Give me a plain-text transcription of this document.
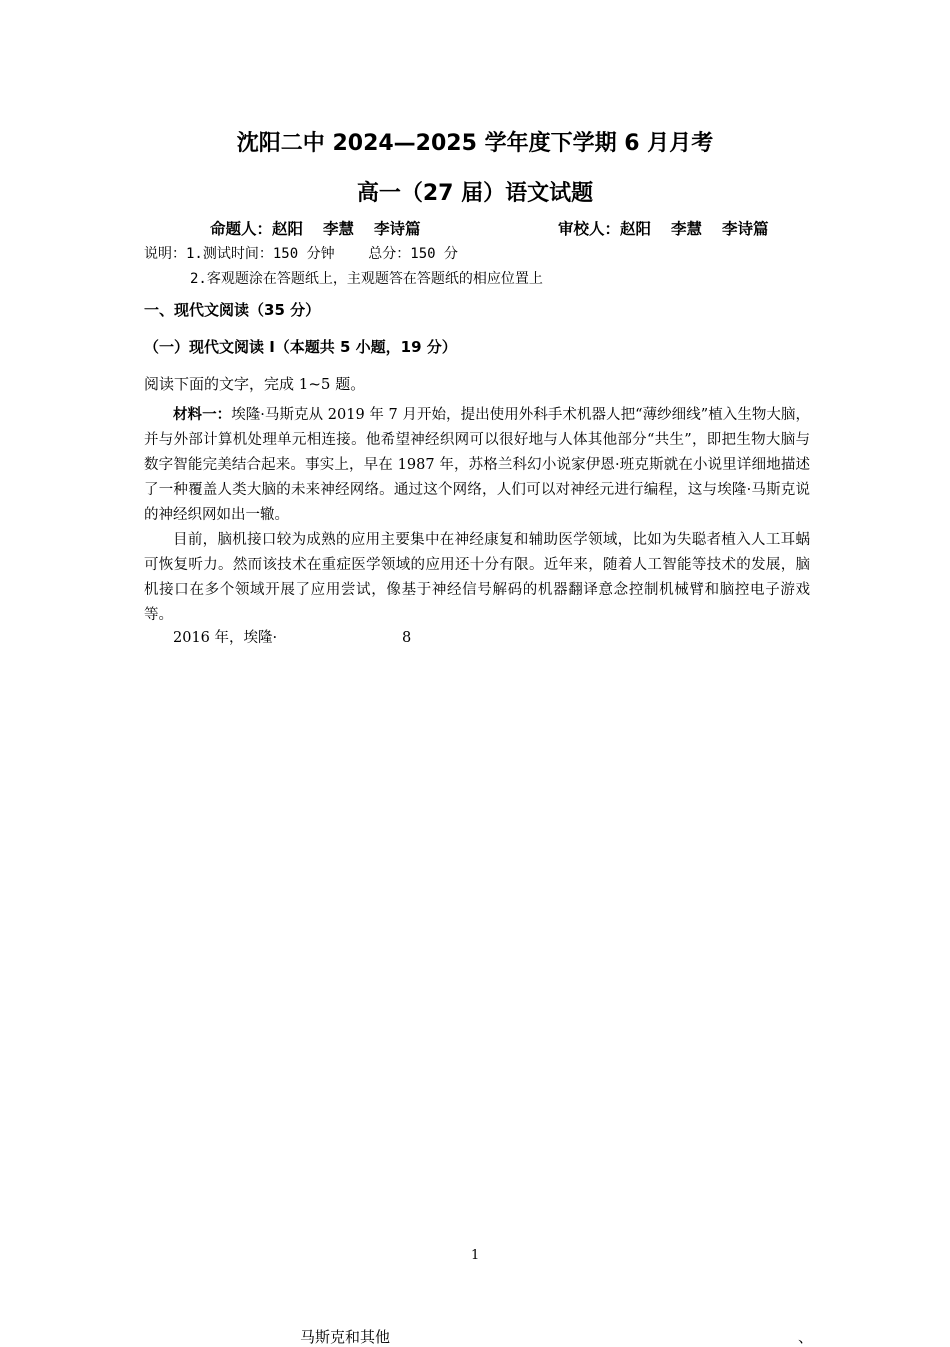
沈阳二中 2024—2025 学年度下学期 6 月月考
高一（27 届）语文试题
命题人：赵阳 李慧 李诗篇	审校人：赵阳 李慧 李诗篇
说明：1.测试时间：150 分钟    总分：150 分
2.客观题涂在答题纸上，主观题答在答题纸的相应位置上
一、现代文阅读（35 分）
（一）现代文阅读 I（本题共 5 小题，19 分）
阅读下面的文字，完成 1~5 题。
材料一：埃隆·马斯克从 2019 年 7 月开始，提出使用外科手术机器人把“薄纱细线”植入生物大脑，并与外部计算机处理单元相连接。他希望神经织网可以很好地与人体其他部分“共生”，即把生物大脑与数字智能完美结合起来。事实上，早在 1987 年，苏格兰科幻小说家伊恩·班克斯就在小说里详细地描述了一种覆盖人类大脑的未来神经网络。通过这个网络，人们可以对神经元进行编程，这与埃隆·马斯克说的神经织网如出一辙。
目前，脑机接口较为成熟的应用主要集中在神经康复和辅助医学领域，比如为失聪者植入人工耳蜗可恢复听力。然而该技术在重症医学领域的应用还十分有限。近年来，随着人工智能等技术的发展，脑机接口在多个领域开展了应用尝试，像基于神经信号解码的机器翻译意念控制机械臂和脑控电子游戏等。
2016 年，埃隆·	8
1
马斯克和其他	、
